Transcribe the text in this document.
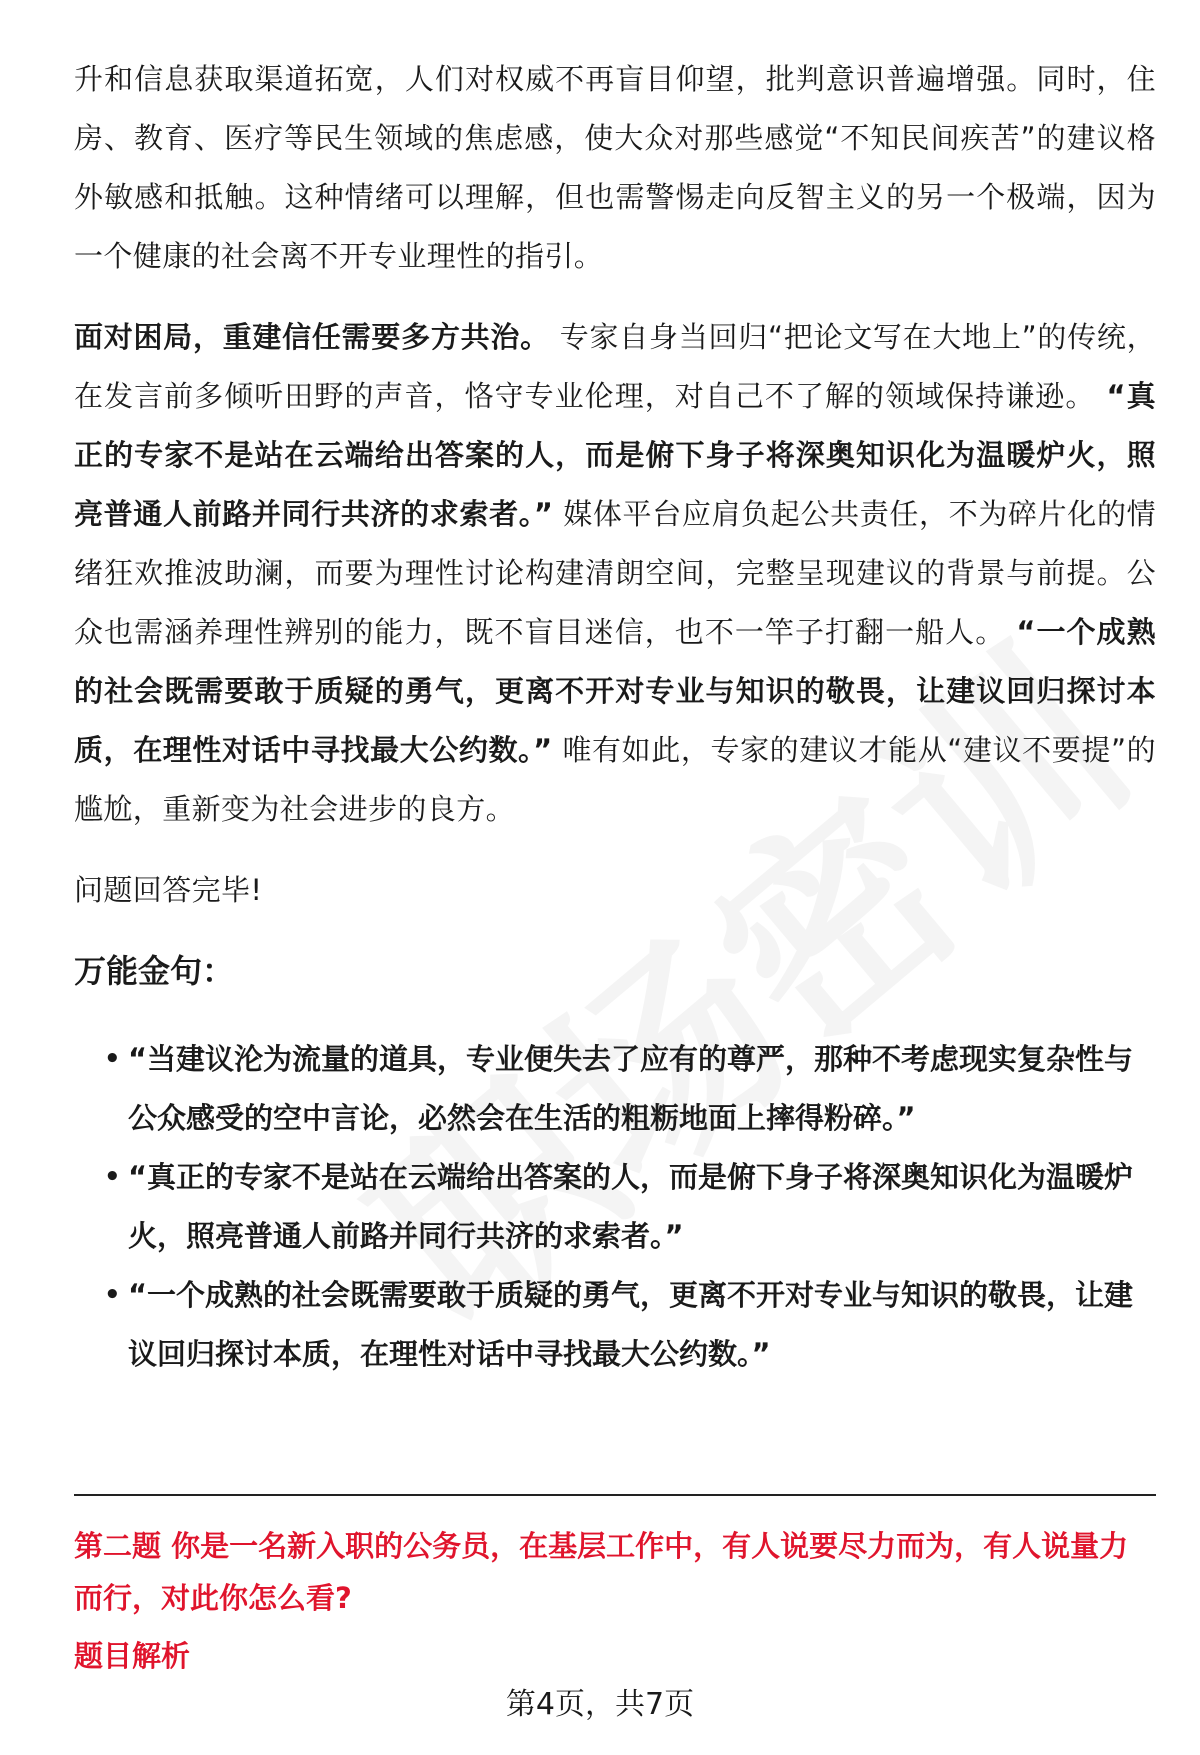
升和信息获取渠道拓宽，人们对权威不再盲目仰望，批判意识普遍增强。同时，住房、教育、医疗等民生领域的焦虑感，使大众对那些感觉“不知民间疾苦”的建议格外敏感和抵触。这种情绪可以理解，但也需警惕走向反智主义的另一个极端，因为一个健康的社会离不开专业理性的指引。

面对困局，重建信任需要多方共治。 专家自身当回归“把论文写在大地上”的传统，在发言前多倾听田野的声音，恪守专业伦理，对自己不了解的领域保持谦逊。 “真正的专家不是站在云端给出答案的人，而是俯下身子将深奥知识化为温暖炉火，照亮普通人前路并同行共济的求索者。” 媒体平台应肩负起公共责任，不为碎片化的情绪狂欢推波助澜，而要为理性讨论构建清朗空间，完整呈现建议的背景与前提。公众也需涵养理性辨别的能力，既不盲目迷信，也不一竿子打翻一船人。 “一个成熟的社会既需要敢于质疑的勇气，更离不开对专业与知识的敬畏，让建议回归探讨本质，在理性对话中寻找最大公约数。” 唯有如此，专家的建议才能从“建议不要提”的尴尬，重新变为社会进步的良方。

问题回答完毕!

万能金句：

• “当建议沦为流量的道具，专业便失去了应有的尊严，那种不考虑现实复杂性与公众感受的空中言论，必然会在生活的粗粝地面上摔得粉碎。”
• “真正的专家不是站在云端给出答案的人，而是俯下身子将深奥知识化为温暖炉火，照亮普通人前路并同行共济的求索者。”
• “一个成熟的社会既需要敢于质疑的勇气，更离不开对专业与知识的敬畏，让建议回归探讨本质，在理性对话中寻找最大公约数。”

第二题 你是一名新入职的公务员，在基层工作中，有人说要尽力而为，有人说量力而行，对此你怎么看?

题目解析

第4页，共7页
